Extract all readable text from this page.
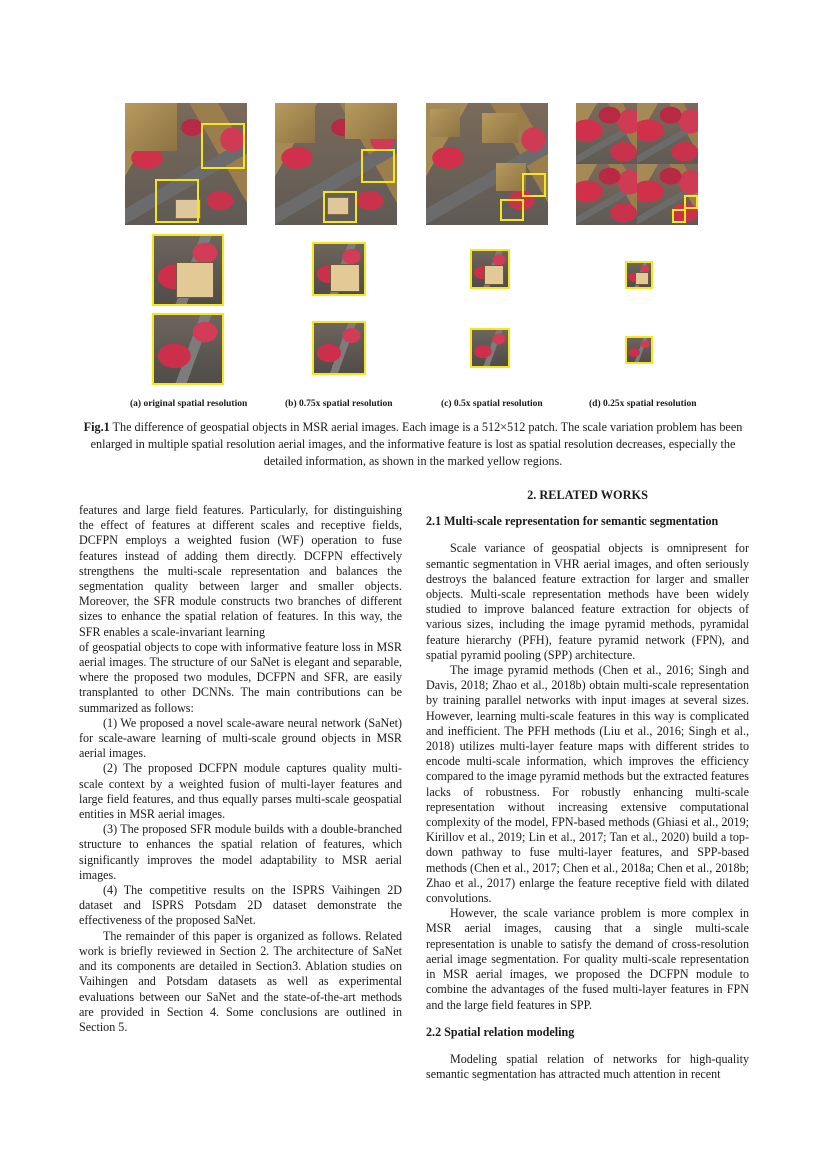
(a) original spatial resolution	(b) 0.75x spatial resolution	(c) 0.5x spatial resolution	(d) 0.25x spatial resolution
Fig.1 The difference of geospatial objects in MSR aerial images. Each image is a 512×512 patch. The scale variation problem has been enlarged in multiple spatial resolution aerial images, and the informative feature is lost as spatial resolution decreases, especially the detailed information, as shown in the marked yellow regions.

features and large field features. Particularly, for distinguishing the effect of features at different scales and receptive fields, DCFPN employs a weighted fusion (WF) operation to fuse features instead of adding them directly. DCFPN effectively strengthens the multi-scale representation and balances the segmentation quality between larger and smaller objects. Moreover, the SFR module constructs two branches of different sizes to enhance the spatial relation of features. In this way, the SFR enables a scale-invariant learning

of geospatial objects to cope with informative feature loss in MSR aerial images. The structure of our SaNet is elegant and separable, where the proposed two modules, DCFPN and SFR, are easily transplanted to other DCNNs. The main contributions can be summarized as follows:

(1) We proposed a novel scale-aware neural network (SaNet) for scale-aware learning of multi-scale ground objects in MSR aerial images.

(2) The proposed DCFPN module captures quality multi-scale context by a weighted fusion of multi-layer features and large field features, and thus equally parses multi-scale geospatial entities in MSR aerial images.

(3) The proposed SFR module builds with a double-branched structure to enhances the spatial relation of features, which significantly improves the model adaptability to MSR aerial images.

(4) The competitive results on the ISPRS Vaihingen 2D dataset and ISPRS Potsdam 2D dataset demonstrate the effectiveness of the proposed SaNet.

The remainder of this paper is organized as follows. Related work is briefly reviewed in Section 2. The architecture of SaNet and its components are detailed in Section3. Ablation studies on Vaihingen and Potsdam datasets as well as experimental evaluations between our SaNet and the state-of-the-art methods are provided in Section 4. Some conclusions are outlined in Section 5.

2. RELATED WORKS
2.1 Multi-scale representation for semantic segmentation

Scale variance of geospatial objects is omnipresent for semantic segmentation in VHR aerial images, and often seriously destroys the balanced feature extraction for larger and smaller objects. Multi-scale representation methods have been widely studied to improve balanced feature extraction for objects of various sizes, including the image pyramid methods, pyramidal feature hierarchy (PFH), feature pyramid network (FPN), and spatial pyramid pooling (SPP) architecture.

The image pyramid methods (Chen et al., 2016; Singh and Davis, 2018; Zhao et al., 2018b) obtain multi-scale representation by training parallel networks with input images at several sizes. However, learning multi-scale features in this way is complicated and inefficient. The PFH methods (Liu et al., 2016; Singh et al., 2018) utilizes multi-layer feature maps with different strides to encode multi-scale information, which improves the efficiency compared to the image pyramid methods but the extracted features lacks of robustness. For robustly enhancing multi-scale representation without increasing extensive computational complexity of the model, FPN-based methods (Ghiasi et al., 2019; Kirillov et al., 2019; Lin et al., 2017; Tan et al., 2020) build a top-down pathway to fuse multi-layer features, and SPP-based methods (Chen et al., 2017; Chen et al., 2018a; Chen et al., 2018b; Zhao et al., 2017) enlarge the feature receptive field with dilated convolutions.

However, the scale variance problem is more complex in MSR aerial images, causing that a single multi-scale representation is unable to satisfy the demand of cross-resolution aerial image segmentation. For quality multi-scale representation in MSR aerial images, we proposed the DCFPN module to combine the advantages of the fused multi-layer features in FPN and the large field features in SPP.

2.2 Spatial relation modeling

Modeling spatial relation of networks for high-quality semantic segmentation has attracted much attention in recent
